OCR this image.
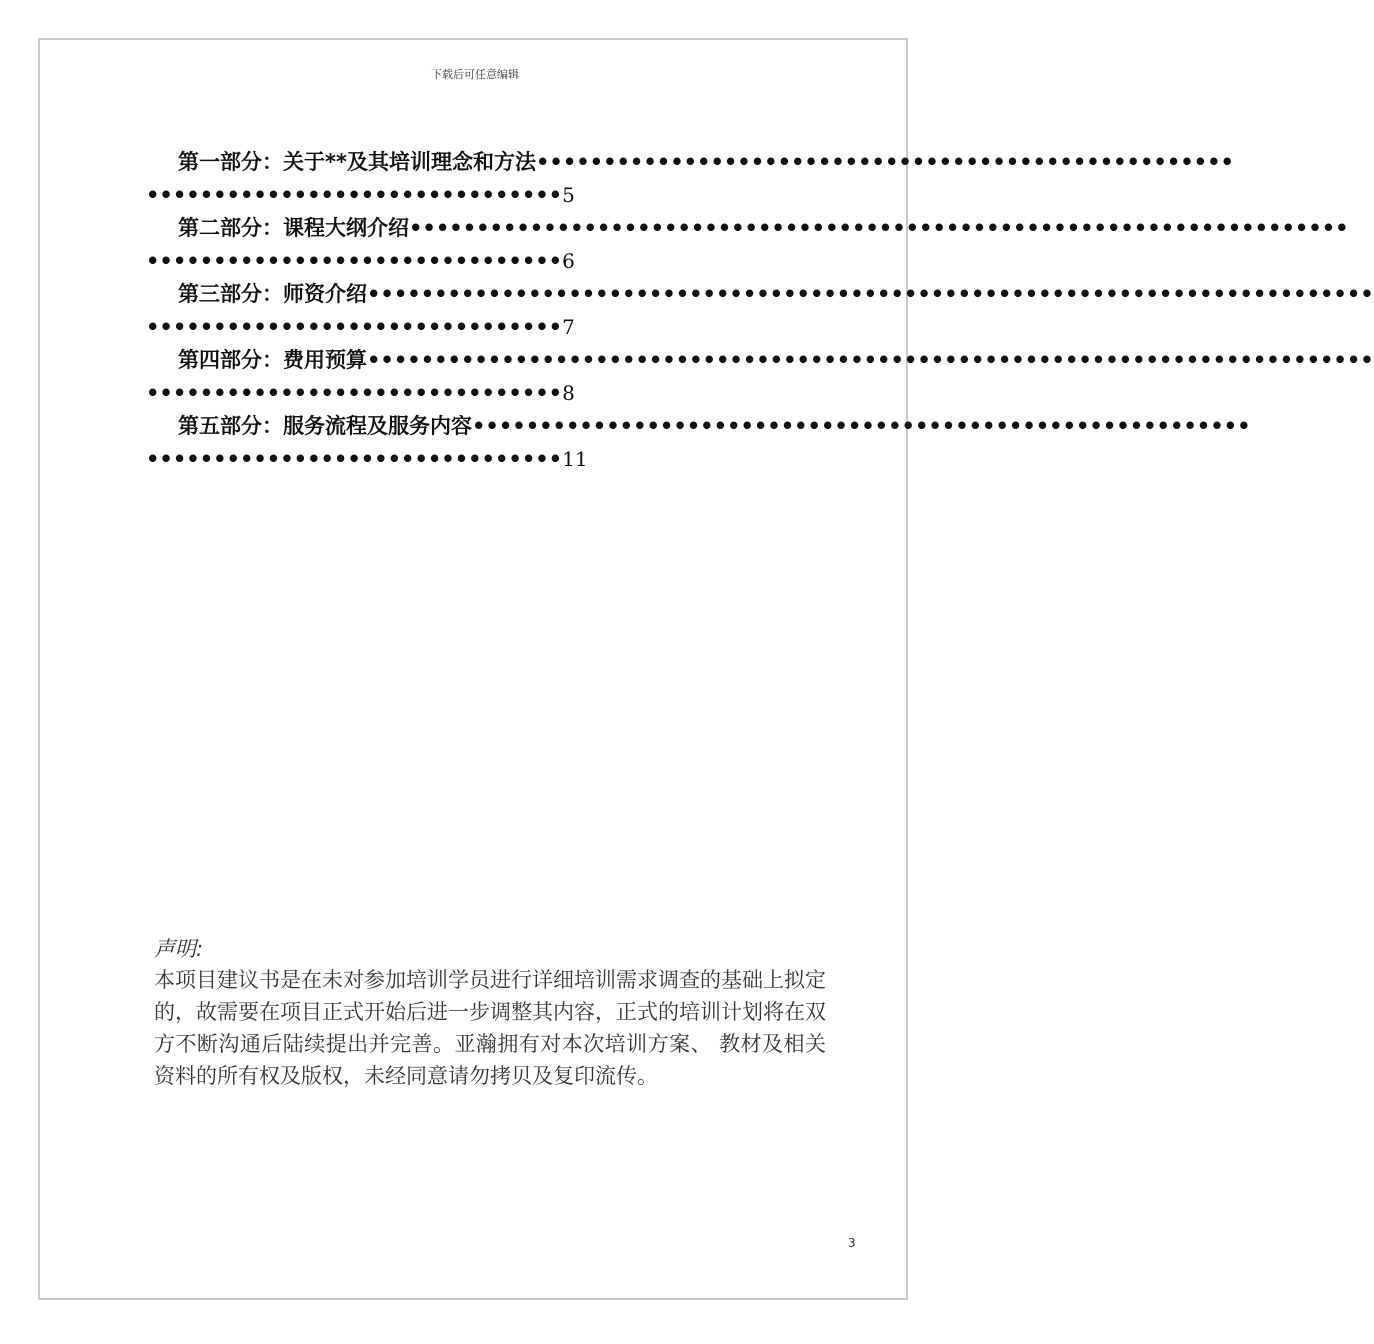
下载后可任意编辑
第一部分：关于**及其培训理念和方法••••••••••••••••••••••••••••••••••••••••••••••••••••
•••••••••••••••••••••••••••••••5
第二部分：课程大纲介绍••••••••••••••••••••••••••••••••••••••••••••••••••••••••••••••••••••••
•••••••••••••••••••••••••••••••6
第三部分：师资介绍•••••••••••••••••••••••••••••••••••••••••••••••••••••••••••••••••••••••••••
•••••••••••••••••••••••••••••••7
第四部分：费用预算•••••••••••••••••••••••••••••••••••••••••••••••••••••••••••••••••••••••••••
•••••••••••••••••••••••••••••••8
第五部分：服务流程及服务内容••••••••••••••••••••••••••••••••••••••••••••••••••••••••••
•••••••••••••••••••••••••••••••11
声明:
本项目建议书是在未对参加培训学员进行详细培训需求调查的基础上拟定的，故需要在项目正式开始后进一步调整其内容，正式的培训计划将在双方不断沟通后陆续提出并完善。亚瀚拥有对本次培训方案、 教材及相关资料的所有权及版权，未经同意请勿拷贝及复印流传。
3
